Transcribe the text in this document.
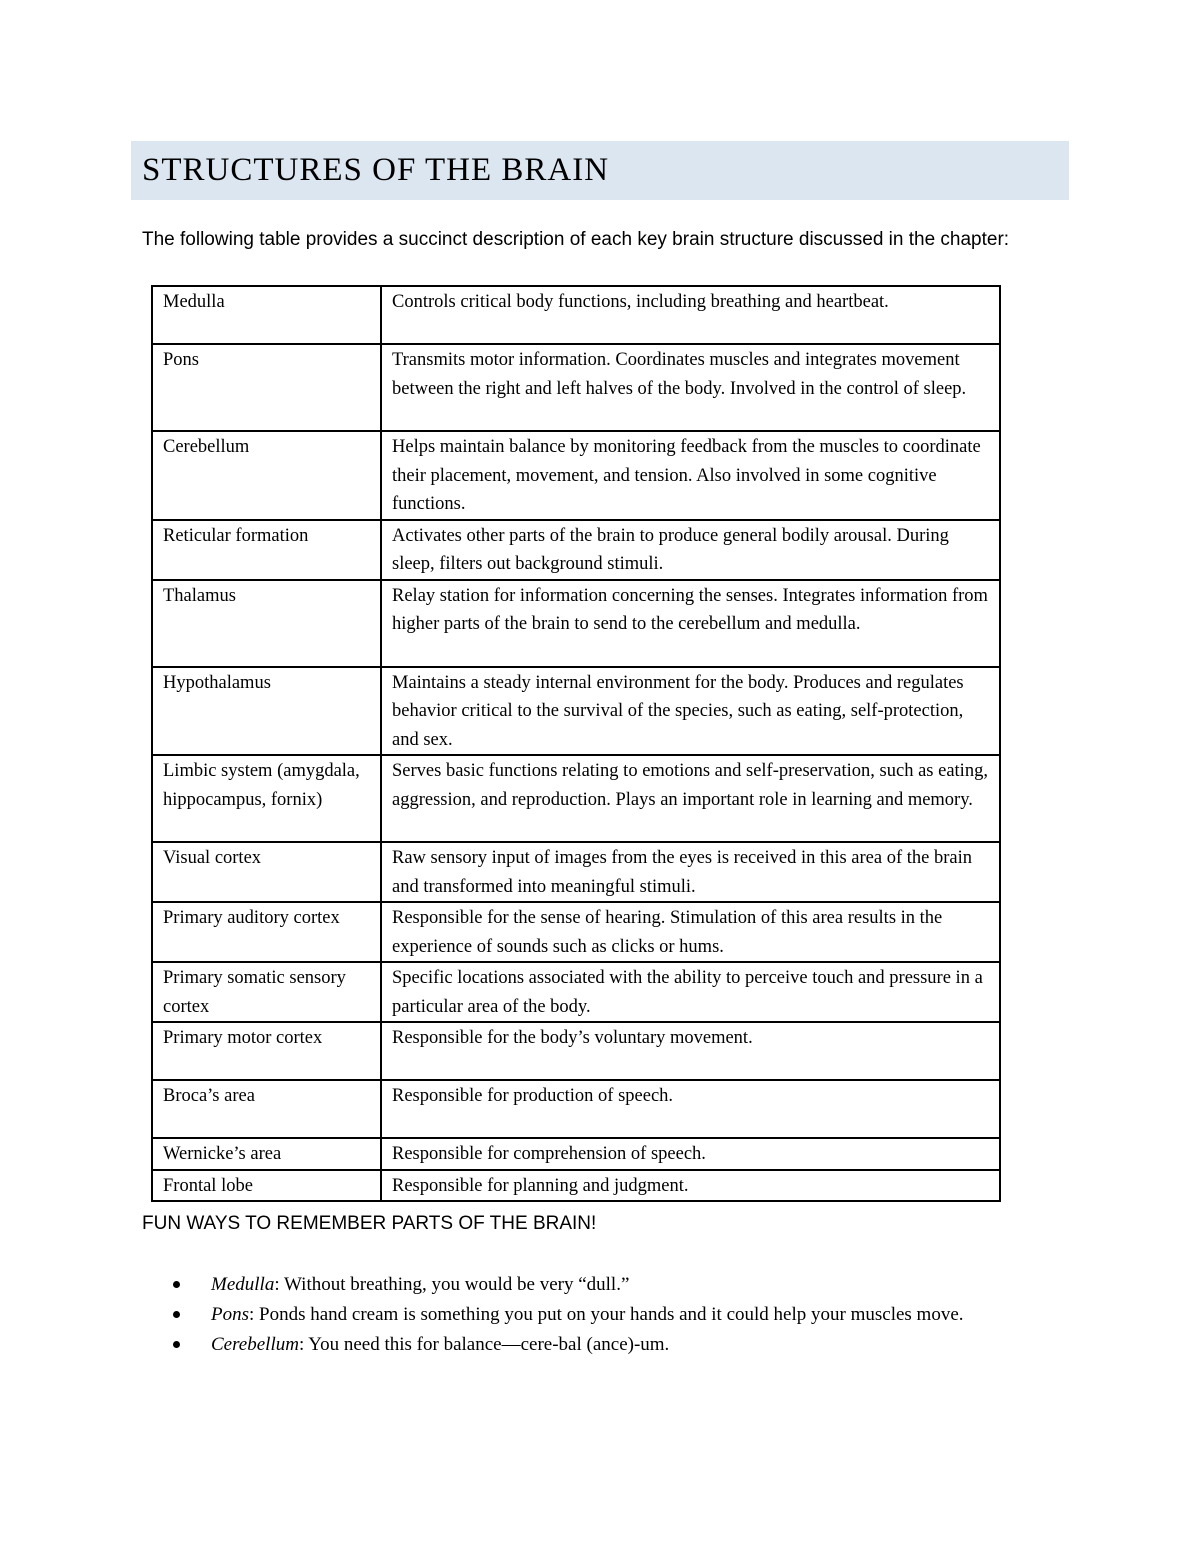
STRUCTURES OF THE BRAIN

The following table provides a succinct description of each key brain structure discussed in the chapter:

Medulla	Controls critical body functions, including breathing and heartbeat.
Pons	Transmits motor information. Coordinates muscles and integrates movement between the right and left halves of the body. Involved in the control of sleep.
Cerebellum	Helps maintain balance by monitoring feedback from the muscles to coordinate their placement, movement, and tension. Also involved in some cognitive functions.
Reticular formation	Activates other parts of the brain to produce general bodily arousal. During sleep, filters out background stimuli.
Thalamus	Relay station for information concerning the senses. Integrates information from higher parts of the brain to send to the cerebellum and medulla.
Hypothalamus	Maintains a steady internal environment for the body. Produces and regulates behavior critical to the survival of the species, such as eating, self-protection, and sex.
Limbic system (amygdala, hippocampus, fornix)	Serves basic functions relating to emotions and self-preservation, such as eating, aggression, and reproduction. Plays an important role in learning and memory.
Visual cortex	Raw sensory input of images from the eyes is received in this area of the brain and transformed into meaningful stimuli.
Primary auditory cortex	Responsible for the sense of hearing. Stimulation of this area results in the experience of sounds such as clicks or hums.
Primary somatic sensory cortex	Specific locations associated with the ability to perceive touch and pressure in a particular area of the body.
Primary motor cortex	Responsible for the body’s voluntary movement.
Broca’s area	Responsible for production of speech.
Wernicke’s area	Responsible for comprehension of speech.
Frontal lobe	Responsible for planning and judgment.
FUN WAYS TO REMEMBER PARTS OF THE BRAIN!
Medulla: Without breathing, you would be very “dull.”
Pons: Ponds hand cream is something you put on your hands and it could help your muscles move.
Cerebellum: You need this for balance—cere-bal (ance)-um.
